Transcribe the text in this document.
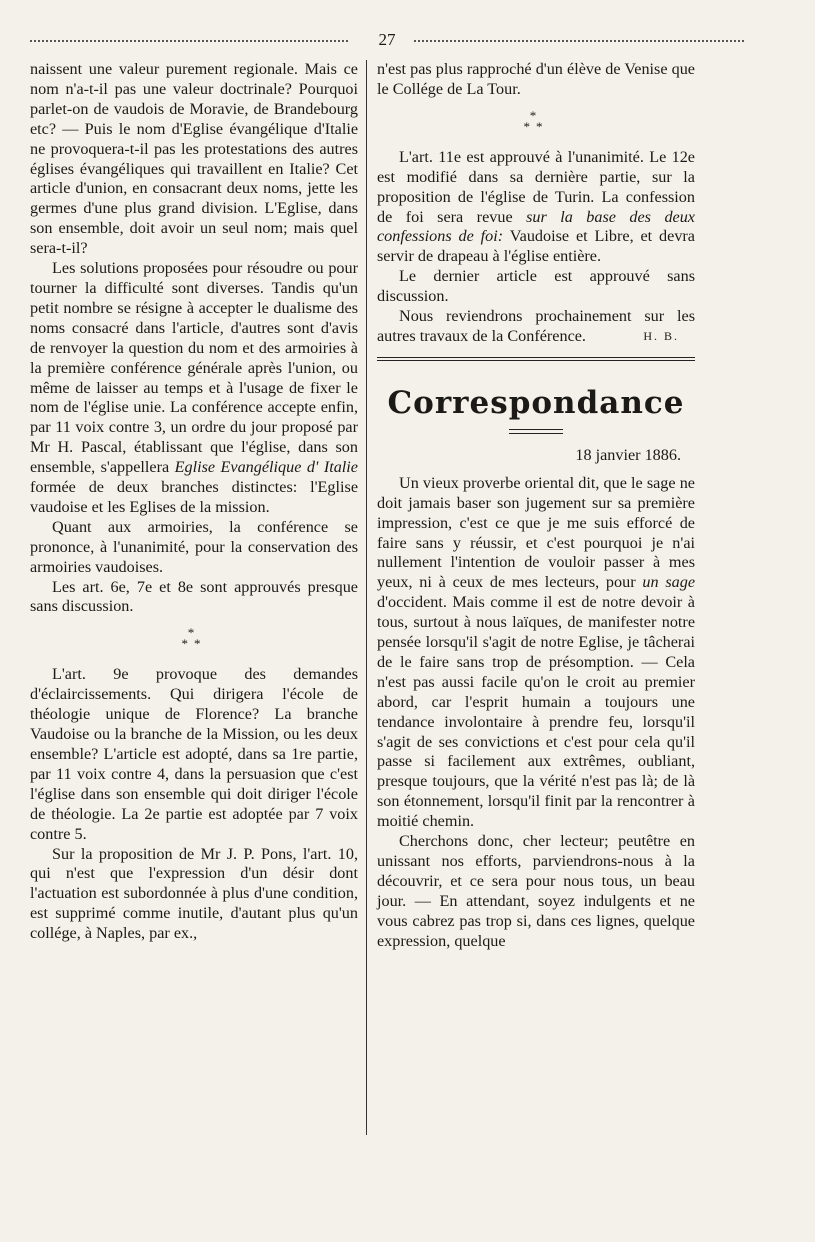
27

naissent une valeur purement regionale. Mais ce nom n'a-t-il pas une valeur doctrinale? Pourquoi parlet-on de vaudois de Moravie, de Brandebourg etc? — Puis le nom d'Eglise évangélique d'Italie ne provoquera-t-il pas les protestations des autres églises évangéliques qui travaillent en Italie? Cet article d'union, en consacrant deux noms, jette les germes d'une plus grand division. L'Eglise, dans son ensemble, doit avoir un seul nom; mais quel sera-t-il?

Les solutions proposées pour résoudre ou pour tourner la difficulté sont diverses. Tandis qu'un petit nombre se résigne à accepter le dualisme des noms consacré dans l'article, d'autres sont d'avis de renvoyer la question du nom et des armoiries à la première conférence générale après l'union, ou même de laisser au temps et à l'usage de fixer le nom de l'église unie. La conférence accepte enfin, par 11 voix contre 3, un ordre du jour proposé par Mr H. Pascal, établissant que l'église, dans son ensemble, s'appellera Eglise Evangélique d' Italie formée de deux branches distinctes: l'Eglise vaudoise et les Eglises de la mission.

Quant aux armoiries, la conférence se prononce, à l'unanimité, pour la conservation des armoiries vaudoises.

Les art. 6e, 7e et 8e sont approuvés presque sans discussion.

*
**

L'art. 9e provoque des demandes d'éclaircissements. Qui dirigera l'école de théologie unique de Florence? La branche Vaudoise ou la branche de la Mission, ou les deux ensemble? L'article est adopté, dans sa 1re partie, par 11 voix contre 4, dans la persuasion que c'est l'église dans son ensemble qui doit diriger l'école de théologie. La 2e partie est adoptée par 7 voix contre 5.

Sur la proposition de Mr J. P. Pons, l'art. 10, qui n'est que l'expression d'un désir dont l'actuation est subordonnée à plus d'une condition, est supprimé comme inutile, d'autant plus qu'un collége, à Naples, par ex.,

n'est pas plus rapproché d'un élève de Venise que le Collége de La Tour.

*
**

L'art. 11e est approuvé à l'unanimité. Le 12e est modifié dans sa dernière partie, sur la proposition de l'église de Turin. La confession de foi sera revue sur la base des deux confessions de foi: Vaudoise et Libre, et devra servir de drapeau à l'église entière.

Le dernier article est approuvé sans discussion.

Nous reviendrons prochainement sur les autres travaux de la Conférence.	H. B.

Correspondance
18 janvier 1886.

Un vieux proverbe oriental dit, que le sage ne doit jamais baser son jugement sur sa première impression, c'est ce que je me suis efforcé de faire sans y réussir, et c'est pourquoi je n'ai nullement l'intention de vouloir passer à mes yeux, ni à ceux de mes lecteurs, pour un sage d'occident. Mais comme il est de notre devoir à tous, surtout à nous laïques, de manifester notre pensée lorsqu'il s'agit de notre Eglise, je tâcherai de le faire sans trop de présomption. — Cela n'est pas aussi facile qu'on le croit au premier abord, car l'esprit humain a toujours une tendance involontaire à prendre feu, lorsqu'il s'agit de ses convictions et c'est pour cela qu'il passe si facilement aux extrêmes, oubliant, presque toujours, que la vérité n'est pas là; de là son étonnement, lorsqu'il finit par la rencontrer à moitié chemin.

Cherchons donc, cher lecteur; peutêtre en unissant nos efforts, parviendrons-nous à la découvrir, et ce sera pour nous tous, un beau jour. — En attendant, soyez indulgents et ne vous cabrez pas trop si, dans ces lignes, quelque expression, quelque
